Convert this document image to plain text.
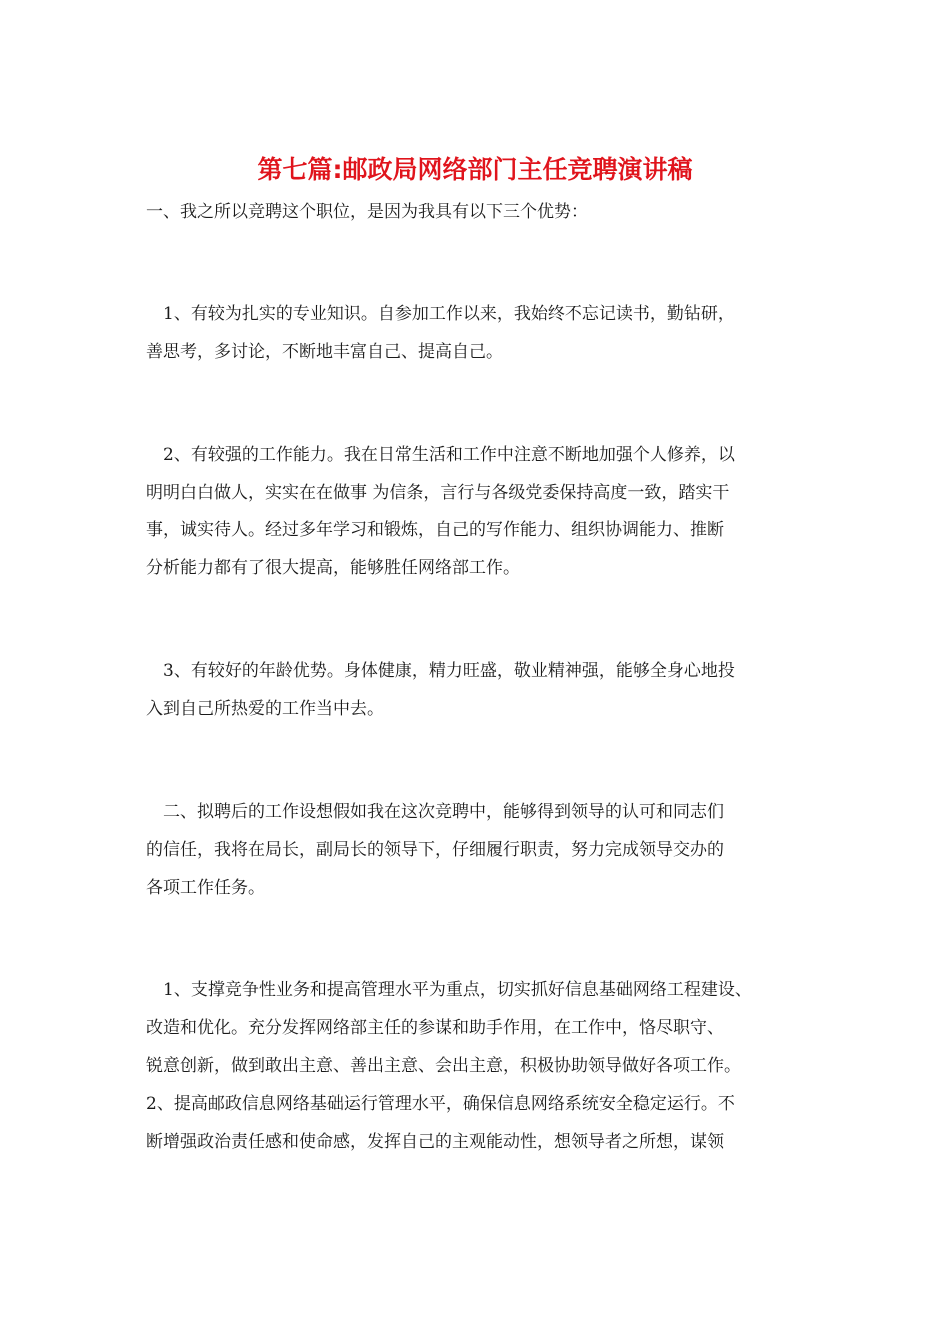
第七篇:邮政局网络部门主任竞聘演讲稿
一、我之所以竞聘这个职位，是因为我具有以下三个优势：
　1、有较为扎实的专业知识。自参加工作以来，我始终不忘记读书，勤钻研，
善思考，多讨论，不断地丰富自己、提高自己。
　2、有较强的工作能力。我在日常生活和工作中注意不断地加强个人修养，以
明明白白做人，实实在在做事 为信条，言行与各级党委保持高度一致，踏实干
事，诚实待人。经过多年学习和锻炼，自己的写作能力、组织协调能力、推断
分析能力都有了很大提高，能够胜任网络部工作。
　3、有较好的年龄优势。身体健康，精力旺盛，敬业精神强，能够全身心地投
入到自己所热爱的工作当中去。
　二、拟聘后的工作设想假如我在这次竞聘中，能够得到领导的认可和同志们
的信任，我将在局长，副局长的领导下，仔细履行职责，努力完成领导交办的
各项工作任务。
　1、支撑竞争性业务和提高管理水平为重点，切实抓好信息基础网络工程建设、
改造和优化。充分发挥网络部主任的参谋和助手作用，在工作中，恪尽职守、
锐意创新，做到敢出主意、善出主意、会出主意，积极协助领导做好各项工作。
2、提高邮政信息网络基础运行管理水平，确保信息网络系统安全稳定运行。不
断增强政治责任感和使命感，发挥自己的主观能动性，想领导者之所想，谋领
